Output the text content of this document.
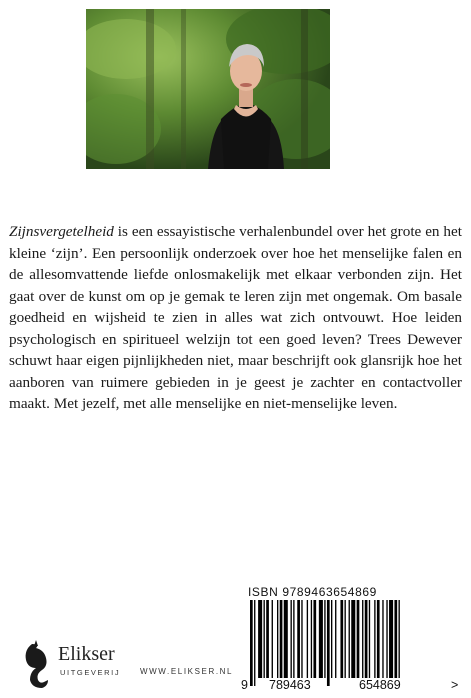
Zijnsvergetelheid is een essayistische verhalenbundel over het grote en het kleine ‘zijn’. Een persoonlijk onderzoek over hoe het menselijke falen en de allesomvattende liefde onlosmakelijk met elkaar verbonden zijn. Het gaat over de kunst om op je gemak te leren zijn met ongemak. Om basale goedheid en wijsheid te zien in alles wat zich ontvouwt. Hoe leiden psychologisch en spiritueel welzijn tot een goed leven? Trees Dewever schuwt haar eigen pijnlijkheden niet, maar beschrijft ook glansrijk hoe het aanboren van ruimere gebieden in je geest je zachter en contactvoller maakt. Met jezelf, met alle menselijke en niet-menselijke leven.
ISBN 9789463654869
9 789463	654869	>
Elikser
UITGEVERIJ WWW.ELIKSER.NL
